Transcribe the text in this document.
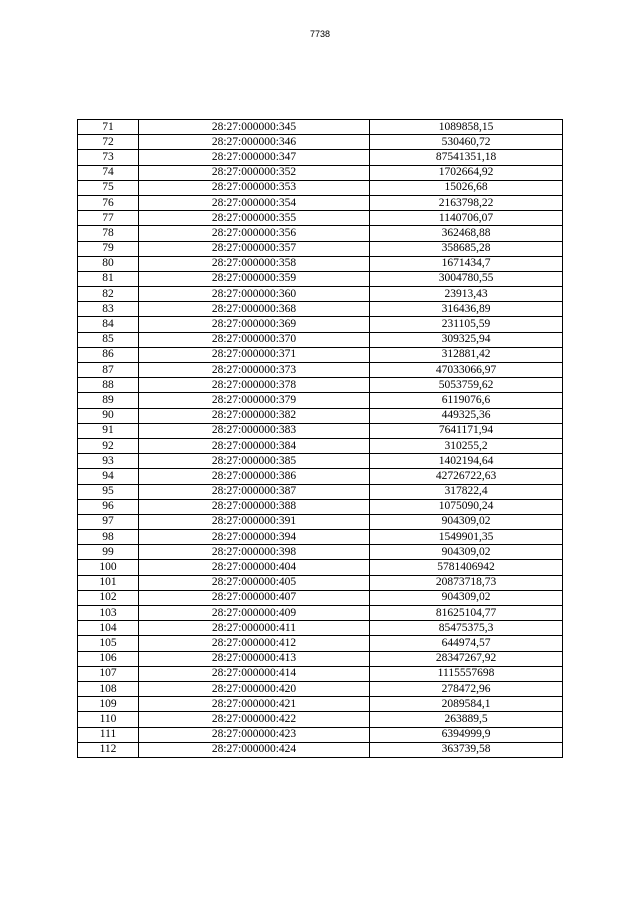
7738
71	28:27:000000:345	1089858,15
72	28:27:000000:346	530460,72
73	28:27:000000:347	87541351,18
74	28:27:000000:352	1702664,92
75	28:27:000000:353	15026,68
76	28:27:000000:354	2163798,22
77	28:27:000000:355	1140706,07
78	28:27:000000:356	362468,88
79	28:27:000000:357	358685,28
80	28:27:000000:358	1671434,7
81	28:27:000000:359	3004780,55
82	28:27:000000:360	23913,43
83	28:27:000000:368	316436,89
84	28:27:000000:369	231105,59
85	28:27:000000:370	309325,94
86	28:27:000000:371	312881,42
87	28:27:000000:373	47033066,97
88	28:27:000000:378	5053759,62
89	28:27:000000:379	6119076,6
90	28:27:000000:382	449325,36
91	28:27:000000:383	7641171,94
92	28:27:000000:384	310255,2
93	28:27:000000:385	1402194,64
94	28:27:000000:386	42726722,63
95	28:27:000000:387	317822,4
96	28:27:000000:388	1075090,24
97	28:27:000000:391	904309,02
98	28:27:000000:394	1549901,35
99	28:27:000000:398	904309,02
100	28:27:000000:404	5781406942
101	28:27:000000:405	20873718,73
102	28:27:000000:407	904309,02
103	28:27:000000:409	81625104,77
104	28:27:000000:411	85475375,3
105	28:27:000000:412	644974,57
106	28:27:000000:413	28347267,92
107	28:27:000000:414	1115557698
108	28:27:000000:420	278472,96
109	28:27:000000:421	2089584,1
110	28:27:000000:422	263889,5
111	28:27:000000:423	6394999,9
112	28:27:000000:424	363739,58
